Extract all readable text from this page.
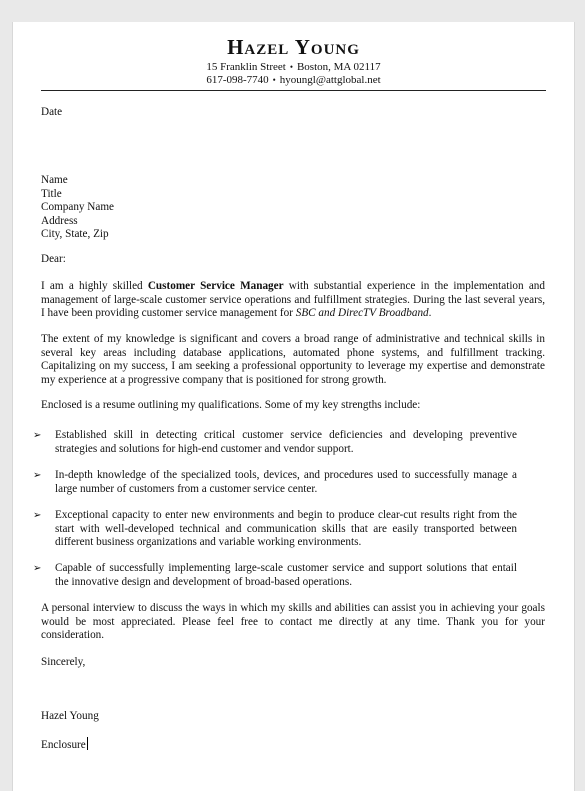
Hazel Young
15 Franklin Street • Boston, MA 02117
617-098-7740 • hyoungl@attglobal.net
Date
Name
Title
Company Name
Address
City, State, Zip
Dear:
I am a highly skilled Customer Service Manager with substantial experience in the implementation and management of large-scale customer service operations and fulfillment strategies. During the last several years, I have been providing customer service management for SBC and DirecTV Broadband.
The extent of my knowledge is significant and covers a broad range of administrative and technical skills in several key areas including database applications, automated phone systems, and fulfillment tracking. Capitalizing on my success, I am seeking a professional opportunity to leverage my expertise and demonstrate my experience at a progressive company that is positioned for strong growth.
Enclosed is a resume outlining my qualifications. Some of my key strengths include:
➢ Established skill in detecting critical customer service deficiencies and developing preventive strategies and solutions for high-end customer and vendor support.
➢ In-depth knowledge of the specialized tools, devices, and procedures used to successfully manage a large number of customers from a customer service center.
➢ Exceptional capacity to enter new environments and begin to produce clear-cut results right from the start with well-developed technical and communication skills that are easily transported between different business organizations and variable working environments.
➢ Capable of successfully implementing large-scale customer service and support solutions that entail the innovative design and development of broad-based operations.
A personal interview to discuss the ways in which my skills and abilities can assist you in achieving your goals would be most appreciated. Please feel free to contact me directly at any time. Thank you for your consideration.
Sincerely,
Hazel Young
Enclosure
